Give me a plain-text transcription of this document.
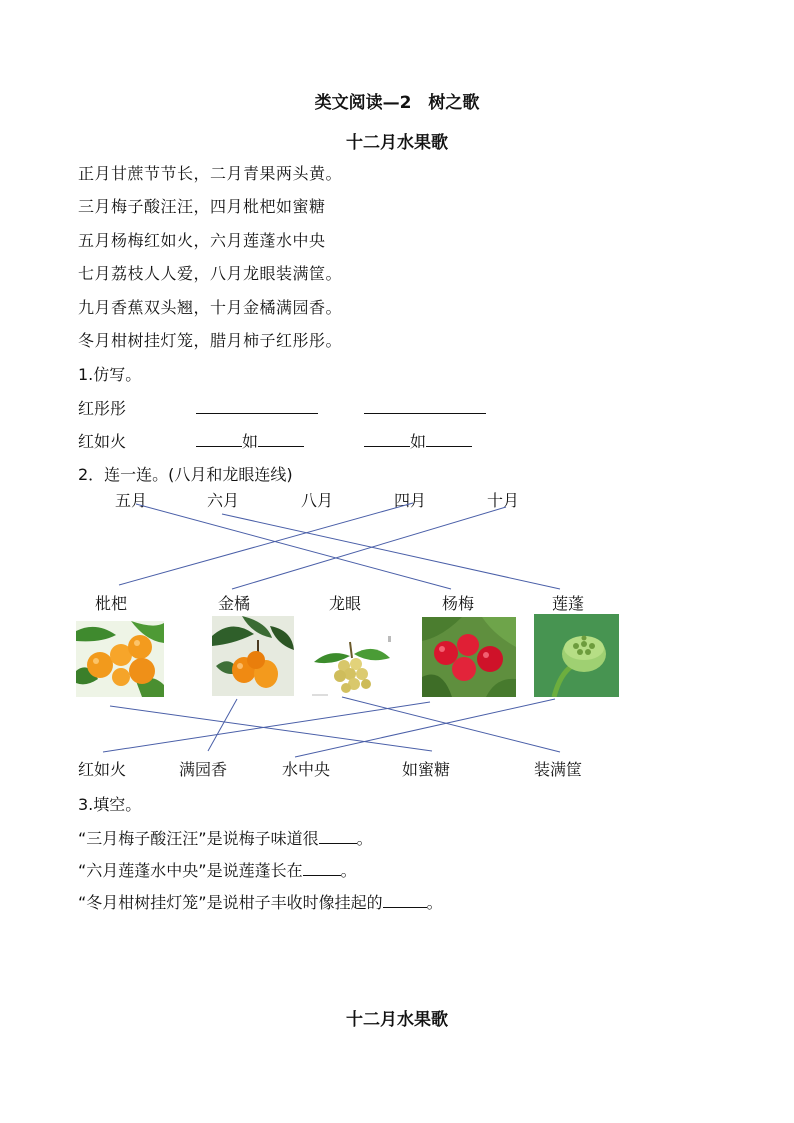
类文阅读—2　树之歌
十二月水果歌
正月甘蔗节节长，二月青果两头黄。
三月梅子酸汪汪，四月枇杷如蜜糖
五月杨梅红如火，六月莲蓬水中央
七月荔枝人人爱，八月龙眼装满筐。
九月香蕉双头翘，十月金橘满园香。
冬月柑树挂灯笼，腊月柿子红彤彤。
1.仿写。
红彤彤
红如火	如	如
2．连一连。(八月和龙眼连线)
五月	六月	八月	四月	十月
枇杷	金橘	龙眼	杨梅	莲蓬
红如火	满园香	水中央	如蜜糖	装满筐
3.填空。
“三月梅子酸汪汪”是说梅子味道很 。
“六月莲蓬水中央”是说莲蓬长在 。
“冬月柑树挂灯笼”是说柑子丰收时像挂起的	。
十二月水果歌
